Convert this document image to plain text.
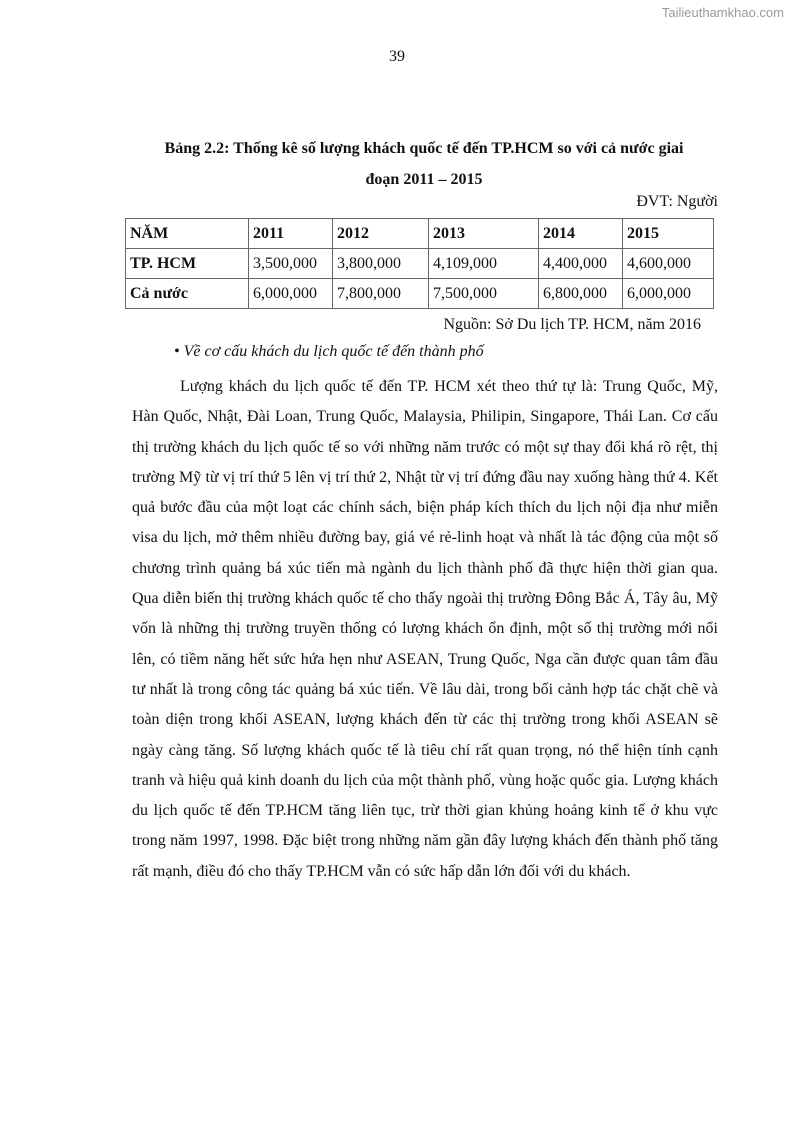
Tailieuthamkhao.com
39
Bảng 2.2: Thống kê số lượng khách quốc tế đến TP.HCM so với cả nước giai
đoạn 2011 – 2015
ĐVT: Người
NĂM	2011	2012	2013	2014	2015
TP. HCM	3,500,000	3,800,000	4,109,000	4,400,000	4,600,000
Cả nước	6,000,000	7,800,000	7,500,000	6,800,000	6,000,000
Nguồn: Sở Du lịch TP. HCM, năm 2016
• Về cơ cấu khách du lịch quốc tế đến thành phố

Lượng khách du lịch quốc tế đến TP. HCM xét theo thứ tự là: Trung Quốc, Mỹ, Hàn Quốc, Nhật, Đài Loan, Trung Quốc, Malaysia, Philipin, Singapore, Thái Lan. Cơ cấu thị trường khách du lịch quốc tế so với những năm trước có một sự thay đổi khá rõ rệt, thị trường Mỹ từ vị trí thứ 5 lên vị trí thứ 2, Nhật từ vị trí đứng đầu nay xuống hàng thứ 4. Kết quả bước đầu của một loạt các chính sách, biện pháp kích thích du lịch nội địa như miễn visa du lịch, mở thêm nhiều đường bay, giá vé rẻ-linh hoạt và nhất là tác động của một số chương trình quảng bá xúc tiến mà ngành du lịch thành phố đã thực hiện thời gian qua. Qua diễn biến thị trường khách quốc tế cho thấy ngoài thị trường Đông Bắc Á, Tây âu, Mỹ vốn là những thị trường truyền thống có lượng khách ổn định, một số thị trường mới nổi lên, có tiềm năng hết sức hứa hẹn như ASEAN, Trung Quốc, Nga cần được quan tâm đầu tư nhất là trong công tác quảng bá xúc tiến. Về lâu dài, trong bối cảnh hợp tác chặt chẽ và toàn diện trong khối ASEAN, lượng khách đến từ các thị trường trong khối ASEAN sẽ ngày càng tăng. Số lượng khách quốc tế là tiêu chí rất quan trọng, nó thể hiện tính cạnh tranh và hiệu quả kinh doanh du lịch của một thành phố, vùng hoặc quốc gia. Lượng khách du lịch quốc tế đến TP.HCM tăng liên tục, trừ thời gian khủng hoảng kinh tế ở khu vực trong năm 1997, 1998. Đặc biệt trong những năm gần đây lượng khách đến thành phố tăng rất mạnh, điều đó cho thấy TP.HCM vẫn có sức hấp dẫn lớn đối với du khách.
